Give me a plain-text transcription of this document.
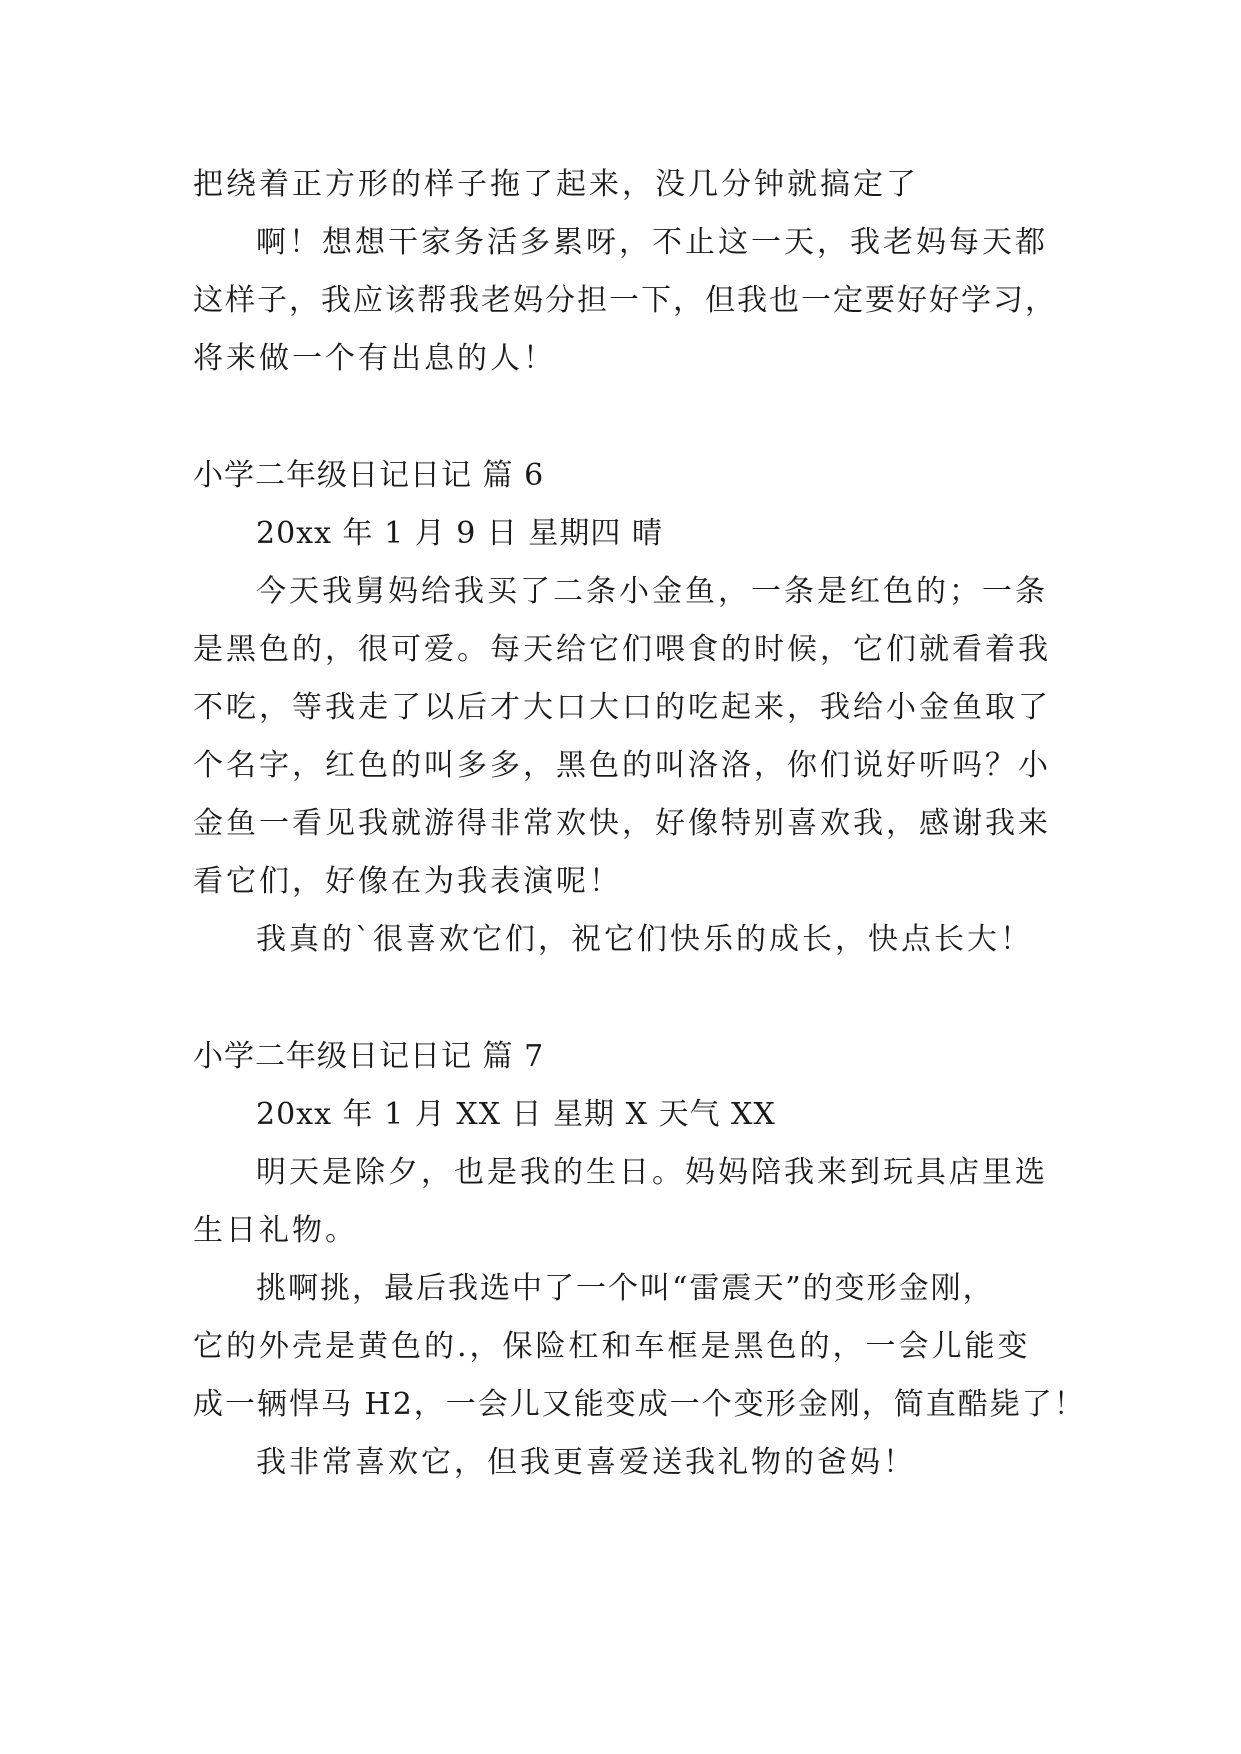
把绕着正方形的样子拖了起来，没几分钟就搞定了

啊！想想干家务活多累呀，不止这一天，我老妈每天都

这样子，我应该帮我老妈分担一下，但我也一定要好好学习，

将来做一个有出息的人！

小学二年级日记日记 篇 6

20xx 年 1 月 9 日 星期四 晴

今天我舅妈给我买了二条小金鱼，一条是红色的；一条

是黑色的，很可爱。每天给它们喂食的时候，它们就看着我

不吃，等我走了以后才大口大口的吃起来，我给小金鱼取了

个名字，红色的叫多多，黑色的叫洛洛，你们说好听吗？小

金鱼一看见我就游得非常欢快，好像特别喜欢我，感谢我来

看它们，好像在为我表演呢！

我真的`很喜欢它们，祝它们快乐的成长，快点长大！

小学二年级日记日记 篇 7

20xx 年 1 月 XX 日 星期 X 天气 XX

明天是除夕，也是我的生日。妈妈陪我来到玩具店里选

生日礼物。

挑啊挑，最后我选中了一个叫“雷震天”的变形金刚，

它的外壳是黄色的.，保险杠和车框是黑色的，一会儿能变

成一辆悍马 H2，一会儿又能变成一个变形金刚，简直酷毙了！

我非常喜欢它，但我更喜爱送我礼物的爸妈！
